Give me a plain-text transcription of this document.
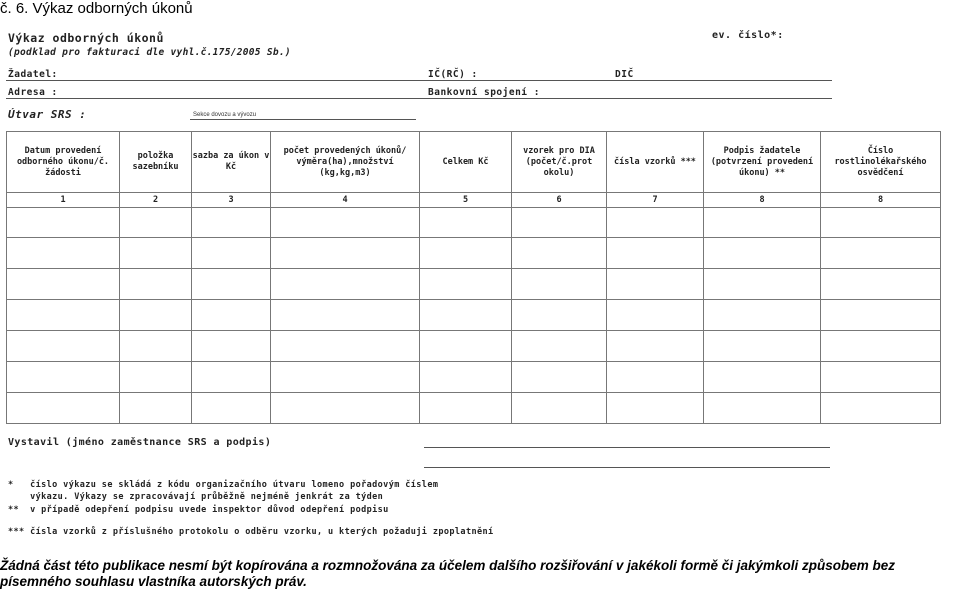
č. 6. Výkaz odborných úkonů
Výkaz odborných úkonů
(podklad pro fakturaci dle vyhl.č.175/2005 Sb.)
ev. číslo*:
Žadatel:	IČ(RČ) :	DIČ
Adresa :	Bankovní spojení :
Útvar SRS :	Sekce dovozu a vývozu
Datum provedení odborného úkonu/č. žádosti	položka sazebníku	sazba za úkon v Kč	počet provedených úkonů/ výměra(ha),množství (kg,kg,m3)	Celkem Kč	vzorek pro DIA (počet/č.prot okolu)	čísla vzorků ***	Podpis žadatele (potvrzení provedení úkonu) **	Číslo rostlinolékařského osvědčení
1	2	3	4	5	6	7	8	8

Vystavil (jméno zaměstnance SRS a podpis)
*   číslo výkazu se skládá z kódu organizačního útvaru lomeno pořadovým číslem
výkazu. Výkazy se zpracovávají průběžně nejméně jenkrát za týden
**  v případě odepření podpisu uvede inspektor důvod odepření podpisu
*** čísla vzorků z příslušného protokolu o odběru vzorku, u kterých požaduji zpoplatnění
Žádná část této publikace nesmí být kopírována a rozmnožována za účelem dalšího rozšiřování v jakékoli formě či jakýmkoli způsobem bez písemného souhlasu vlastníka autorských práv.
